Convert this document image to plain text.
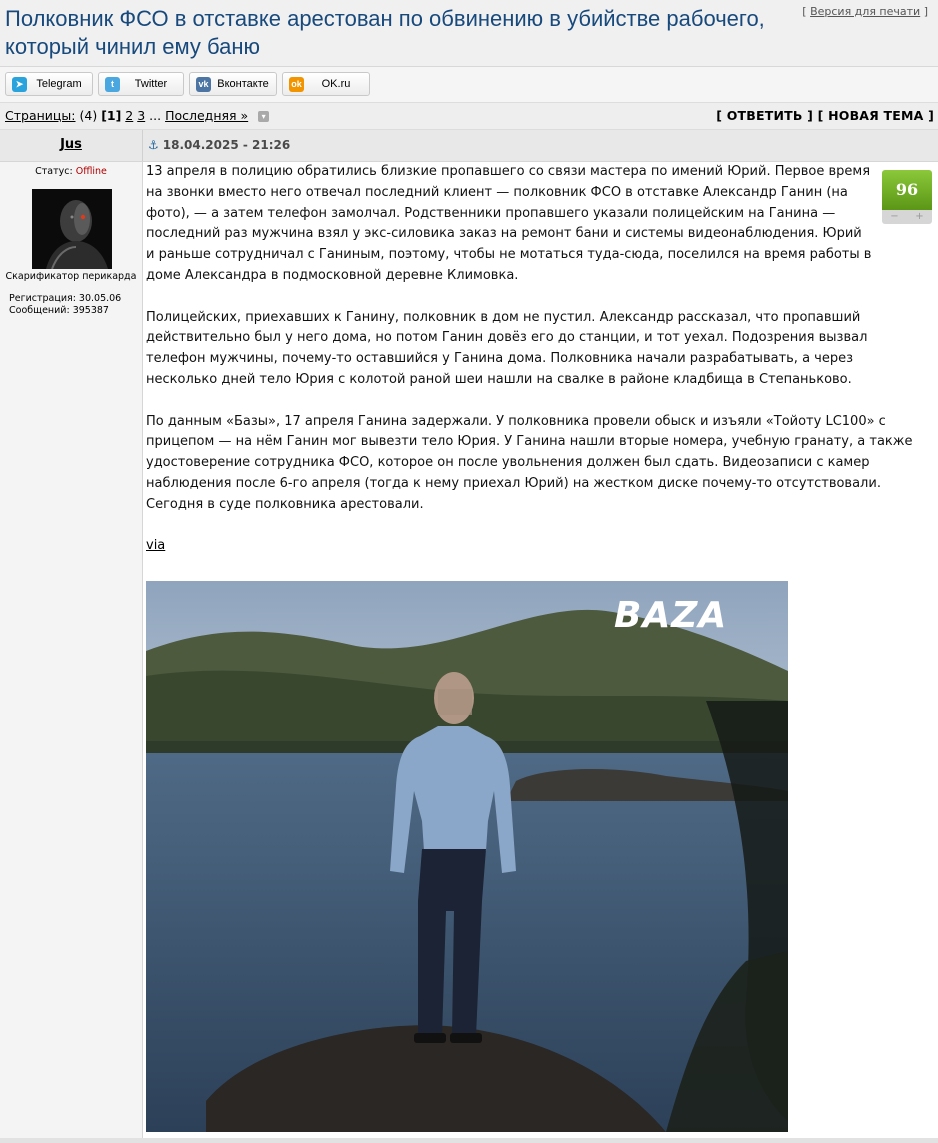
Полковник ФСО в отставке арестован по обвинению в убийстве рабочего, который чинил ему баню
[ Версия для печати ]
➤	Telegram	t	Twitter	vk Вконтакте	ok	OK.ru
Страницы: (4) [1] 2 3 ... Последняя » ▾	[ ОТВЕТИТЬ ] [ НОВАЯ ТЕМА ]
Jus	⚓ 18.04.2025 - 21:26
Статус: Offline
Скарификатор перикарда
Регистрация: 30.05.06
Сообщений: 395387
96
− +

13 апреля в полицию обратились близкие пропавшего со связи мастера по имений Юрий. Первое время на звонки вместо него отвечал последний клиент — полковник ФСО в отставке Александр Ганин (на фото), — а затем телефон замолчал. Родственники пропавшего указали полицейским на Ганина — последний раз мужчина взял у экс-силовика заказ на ремонт бани и системы видеонаблюдения. Юрий и раньше сотрудничал с Ганиным, поэтому, чтобы не мотаться туда-сюда, поселился на время работы в доме Александра в подмосковной деревне Климовка.

Полицейских, приехавших к Ганину, полковник в дом не пустил. Александр рассказал, что пропавший действительно был у него дома, но потом Ганин довёз его до станции, и тот уехал. Подозрения вызвал телефон мужчины, почему-то оставшийся у Ганина дома. Полковника начали разрабатывать, а через несколько дней тело Юрия с колотой раной шеи нашли на свалке в районе кладбища в Степаньково.

По данным «Базы», 17 апреля Ганина задержали. У полковника провели обыск и изъяли «Тойоту LC100» с прицепом — на нём Ганин мог вывезти тело Юрия. У Ганина нашли вторые номера, учебную гранату, а также удостоверение сотрудника ФСО, которое он после увольнения должен был сдать. Видеозаписи с камер наблюдения после 6-го апреля (тогда к нему приехал Юрий) на жестком диске почему-то отсутствовали. Сегодня в суде полковника арестовали.

via

BAZA
